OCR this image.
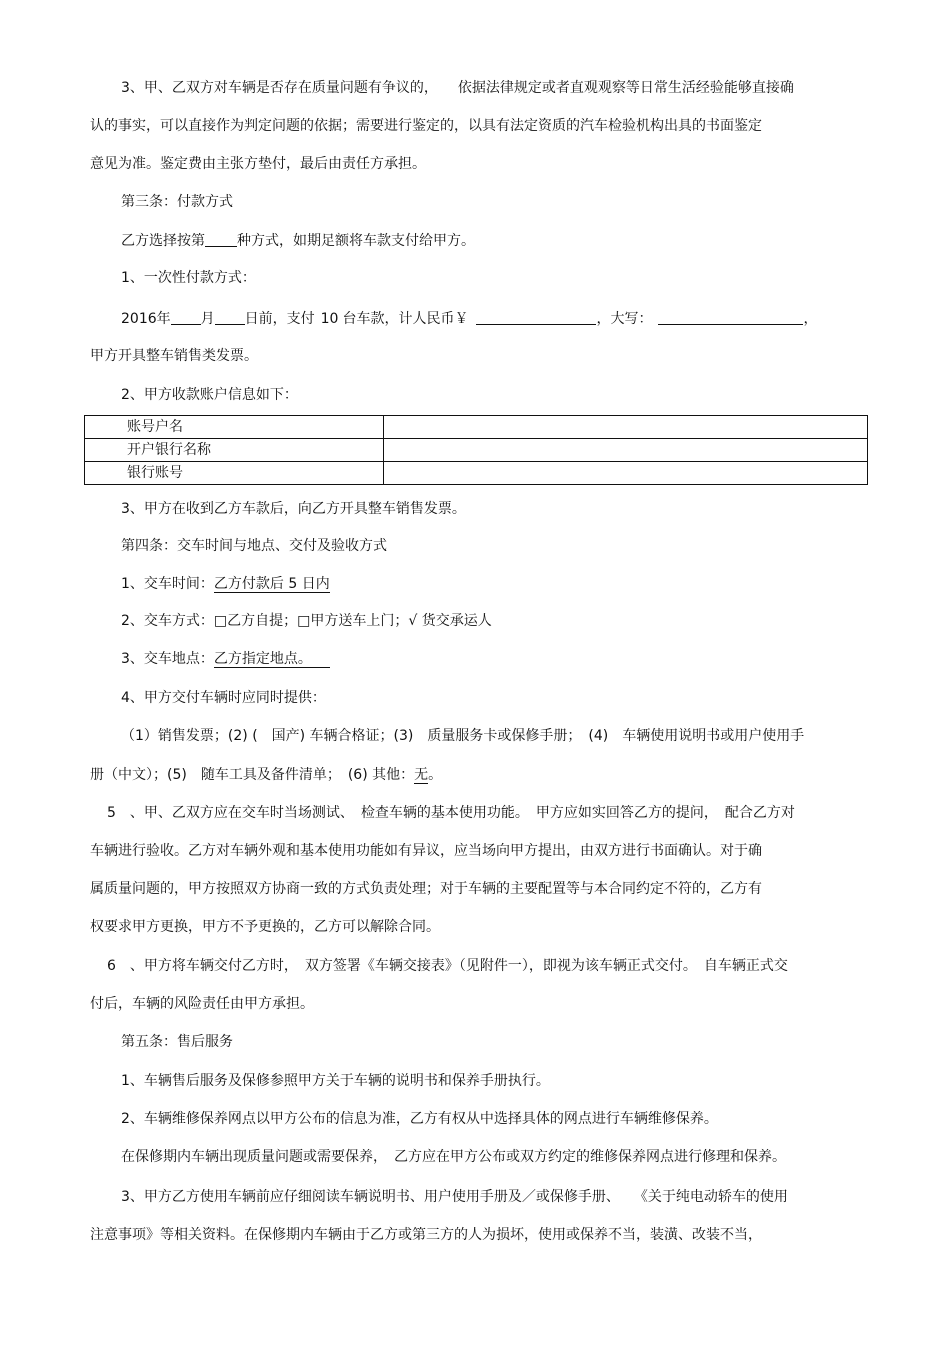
3、甲、乙双方对车辆是否存在质量问题有争议的， 依据法律规定或者直观观察等日常生活经验能够直接确
认的事实，可以直接作为判定问题的依据；需要进行鉴定的，以具有法定资质的汽车检验机构出具的书面鉴定
意见为准。鉴定费由主张方垫付，最后由责任方承担。
第三条：付款方式
乙方选择按第 种方式，如期足额将车款支付给甲方。
1、一次性付款方式：
2016年 月 日前，支付 10 台车款，计人民币￥	，大写：	，
甲方开具整车销售类发票。
2、甲方收款账户信息如下：
账号户名	
开户银行名称	
银行账号	
3、甲方在收到乙方车款后，向乙方开具整车销售发票。
第四条：交车时间与地点、交付及验收方式
1、交车时间：乙方付款后 5 日内
2、交车方式：□乙方自提；□甲方送车上门；√ 货交承运人
3、交车地点：乙方指定地点。
4、甲方交付车辆时应同时提供：
（1）销售发票；(2) (　国产) 车辆合格证；(3)　质量服务卡或保修手册；　(4)　车辆使用说明书或用户使用手
册（中文）；(5)　随车工具及备件清单；　(6) 其他：无。
5　、甲、乙双方应在交车时当场测试、　检查车辆的基本使用功能。　甲方应如实回答乙方的提问，　配合乙方对
车辆进行验收。乙方对车辆外观和基本使用功能如有异议，应当场向甲方提出，由双方进行书面确认。对于确
属质量问题的，甲方按照双方协商一致的方式负责处理；对于车辆的主要配置等与本合同约定不符的，乙方有
权要求甲方更换，甲方不予更换的，乙方可以解除合同。
6　、甲方将车辆交付乙方时，　双方签署《车辆交接表》（见附件一），即视为该车辆正式交付。　自车辆正式交
付后，车辆的风险责任由甲方承担。
第五条：售后服务
1、车辆售后服务及保修参照甲方关于车辆的说明书和保养手册执行。
2、车辆维修保养网点以甲方公布的信息为准，乙方有权从中选择具体的网点进行车辆维修保养。
在保修期内车辆出现质量问题或需要保养，　乙方应在甲方公布或双方约定的维修保养网点进行修理和保养。
3、甲方乙方使用车辆前应仔细阅读车辆说明书、用户使用手册及／或保修手册、　　《关于纯电动轿车的使用
注意事项》等相关资料。在保修期内车辆由于乙方或第三方的人为损坏，使用或保养不当，装潢、改装不当，
